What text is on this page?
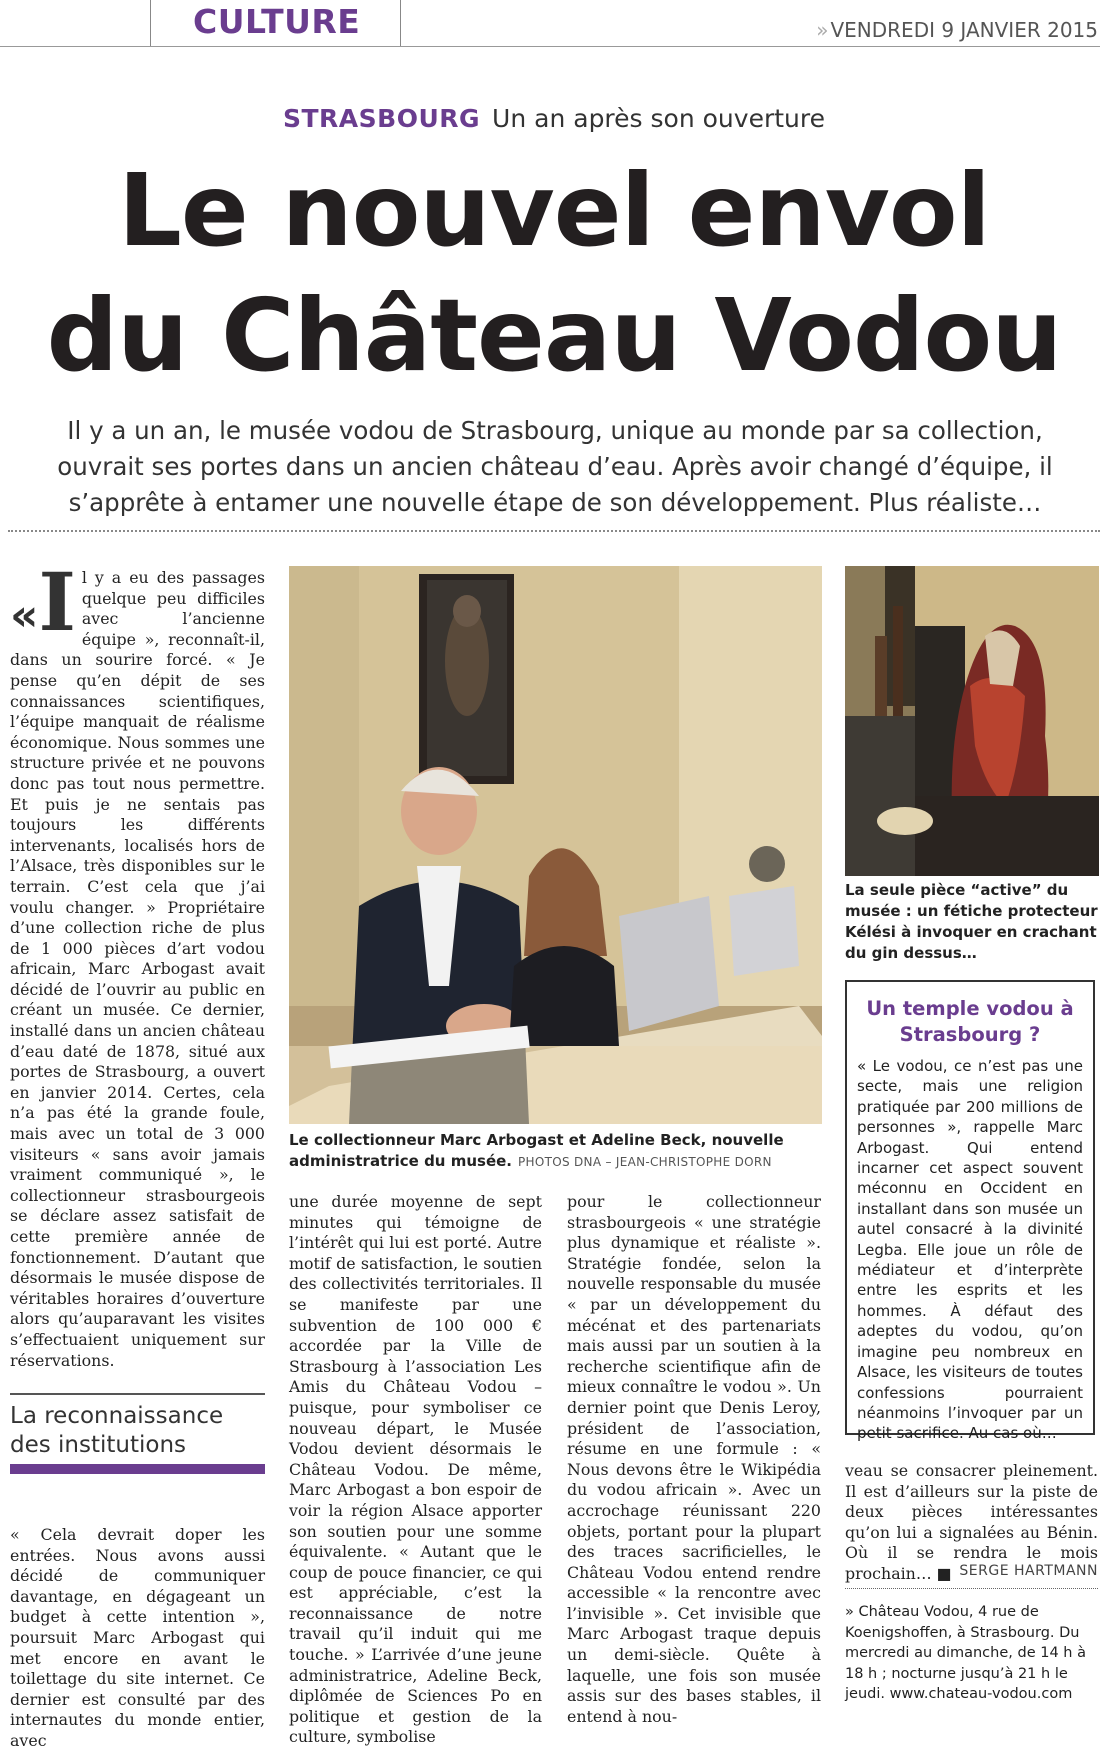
CULTURE
»	VENDREDI 9 JANVIER 2015
STRASBOURG Un an après son ouverture
Le nouvel envol
du Château Vodou
Il y a un an, le musée vodou de Strasbourg, unique au monde par sa collection, ouvrait ses portes dans un ancien château d’eau. Après avoir changé d’équipe, il s’apprête à entamer une nouvelle étape de son développement. Plus réaliste…
«I l y a eu des passages quelque peu difficiles avec l’ancienne équipe », reconnaît-il, dans un sourire forcé. « Je pense qu’en dépit de ses connaissances scientifiques, l’équipe manquait de réalisme économique. Nous sommes une structure privée et ne pouvons donc pas tout nous permettre. Et puis je ne sentais pas toujours les différents intervenants, localisés hors de l’Alsace, très disponibles sur le terrain. C’est cela que j’ai voulu changer. » Propriétaire d’une collection riche de plus de 1 000 pièces d’art vodou africain, Marc Arbogast avait décidé de l’ouvrir au public en créant un musée. Ce dernier, installé dans un ancien château d’eau daté de 1878, situé aux portes de Strasbourg, a ouvert en janvier 2014. Certes, cela n’a pas été la grande foule, mais avec un total de 3 000 visiteurs « sans avoir jamais vraiment communiqué », le collectionneur strasbourgeois se déclare assez satisfait de cette première année de fonctionnement. D’autant que désormais le musée dispose de véritables horaires d’ouverture alors qu’auparavant les visites s’effectuaient uniquement sur réservations.
La reconnaissance des institutions
« Cela devrait doper les entrées. Nous avons aussi décidé de communiquer davantage, en dégageant un budget à cette intention », poursuit Marc Arbogast qui met encore en avant le toilettage du site internet. Ce dernier est consulté par des internautes du monde entier, avec
Le collectionneur Marc Arbogast et Adeline Beck, nouvelle administratrice du musée. PHOTOS DNA – JEAN-CHRISTOPHE DORN
une durée moyenne de sept minutes qui témoigne de l’intérêt qui lui est porté. Autre motif de satisfaction, le soutien des collectivités territoriales. Il se manifeste par une subvention de 100 000 € accordée par la Ville de Strasbourg à l’association Les Amis du Château Vodou – puisque, pour symboliser ce nouveau départ, le Musée Vodou devient désormais le Château Vodou. De même, Marc Arbogast a bon espoir de voir la région Alsace apporter son soutien pour une somme équivalente. « Autant que le coup de pouce financier, ce qui est appréciable, c’est la reconnaissance de notre travail qu’il induit qui me touche. » L’arrivée d’une jeune administratrice, Adeline Beck, diplômée de Sciences Po en politique et gestion de la culture, symbolise
pour le collectionneur strasbourgeois « une stratégie plus dynamique et réaliste ». Stratégie fondée, selon la nouvelle responsable du musée « par un développement du mécénat et des partenariats mais aussi par un soutien à la recherche scientifique afin de mieux connaître le vodou ». Un dernier point que Denis Leroy, président de l’association, résume en une formule : « Nous devons être le Wikipédia du vodou africain ». Avec un accrochage réunissant 220 objets, portant pour la plupart des traces sacrificielles, le Château Vodou entend rendre accessible « la rencontre avec l’invisible ». Cet invisible que Marc Arbogast traque depuis un demi-siècle. Quête à laquelle, une fois son musée assis sur des bases stables, il entend à nou-
La seule pièce “active” du musée : un fétiche protecteur Kélési à invoquer en crachant du gin dessus…
Un temple vodou à Strasbourg ?
« Le vodou, ce n’est pas une secte, mais une religion pratiquée par 200 millions de personnes », rappelle Marc Arbogast. Qui entend incarner cet aspect souvent méconnu en Occident en installant dans son musée un autel consacré à la divinité Legba. Elle joue un rôle de médiateur et d’interprète entre les esprits et les hommes. À défaut des adeptes du vodou, qu’on imagine peu nombreux en Alsace, les visiteurs de toutes confessions pourraient néanmoins l’invoquer par un petit sacrifice. Au cas où…
veau se consacrer pleinement. Il est d’ailleurs sur la piste de deux pièces intéressantes qu’on lui a signalées au Bénin. Où il se rendra le mois prochain… ■ SERGE HARTMANN
» Château Vodou, 4 rue de Koenigshoffen, à Strasbourg. Du mercredi au dimanche, de 14 h à 18 h ; nocturne jusqu’à 21 h le jeudi. www.chateau-vodou.com
